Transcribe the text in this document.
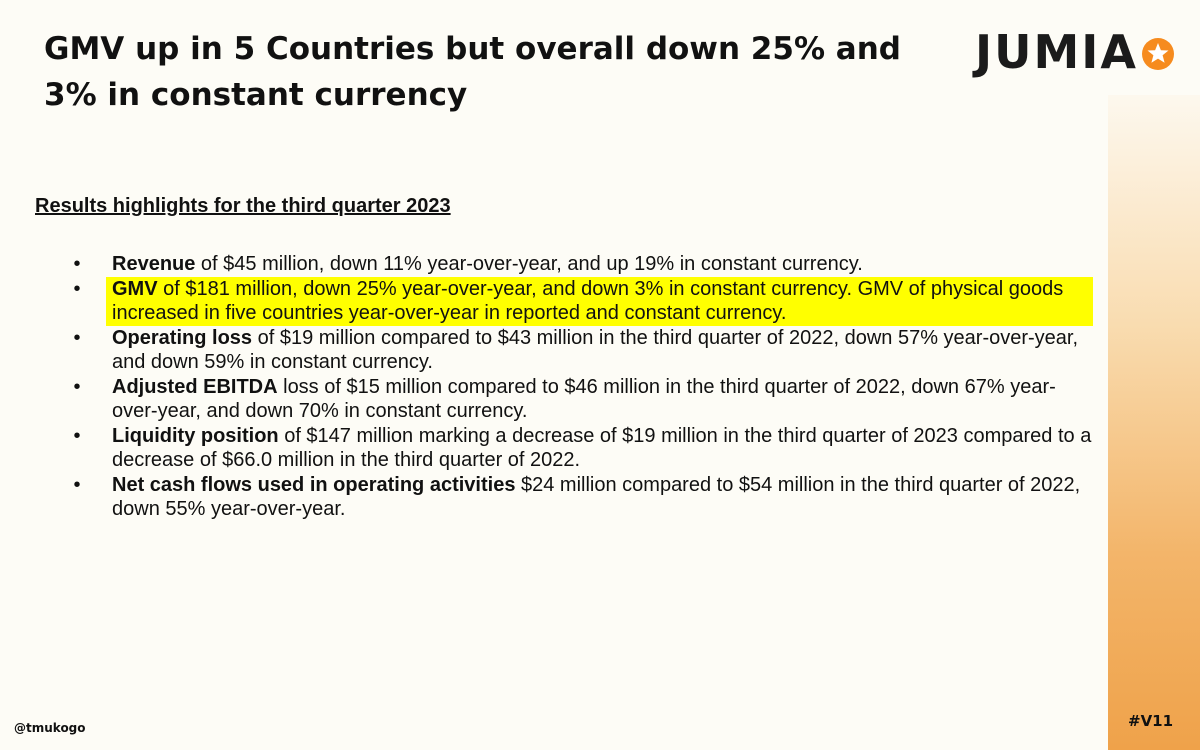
GMV up in 5 Countries but overall down 25% and 3% in constant currency
JUMIA
Results highlights for the third quarter 2023
• Revenue of $45 million, down 11% year-over-year, and up 19% in constant currency.
•	GMV of $181 million, down 25% year-over-year, and down 3% in constant currency. GMV of physical goods increased in five countries year-over-year in reported and constant currency.
• Operating loss of $19 million compared to $43 million in the third quarter of 2022, down 57% year-over-year, and down 59% in constant currency.
• Adjusted EBITDA loss of $15 million compared to $46 million in the third quarter of 2022, down 67% year-over-year, and down 70% in constant currency.
• Liquidity position of $147 million marking a decrease of $19 million in the third quarter of 2023 compared to a decrease of $66.0 million in the third quarter of 2022.
• Net cash flows used in operating activities $24 million compared to $54 million in the third quarter of 2022, down 55% year-over-year.
@tmukogo	#V11
